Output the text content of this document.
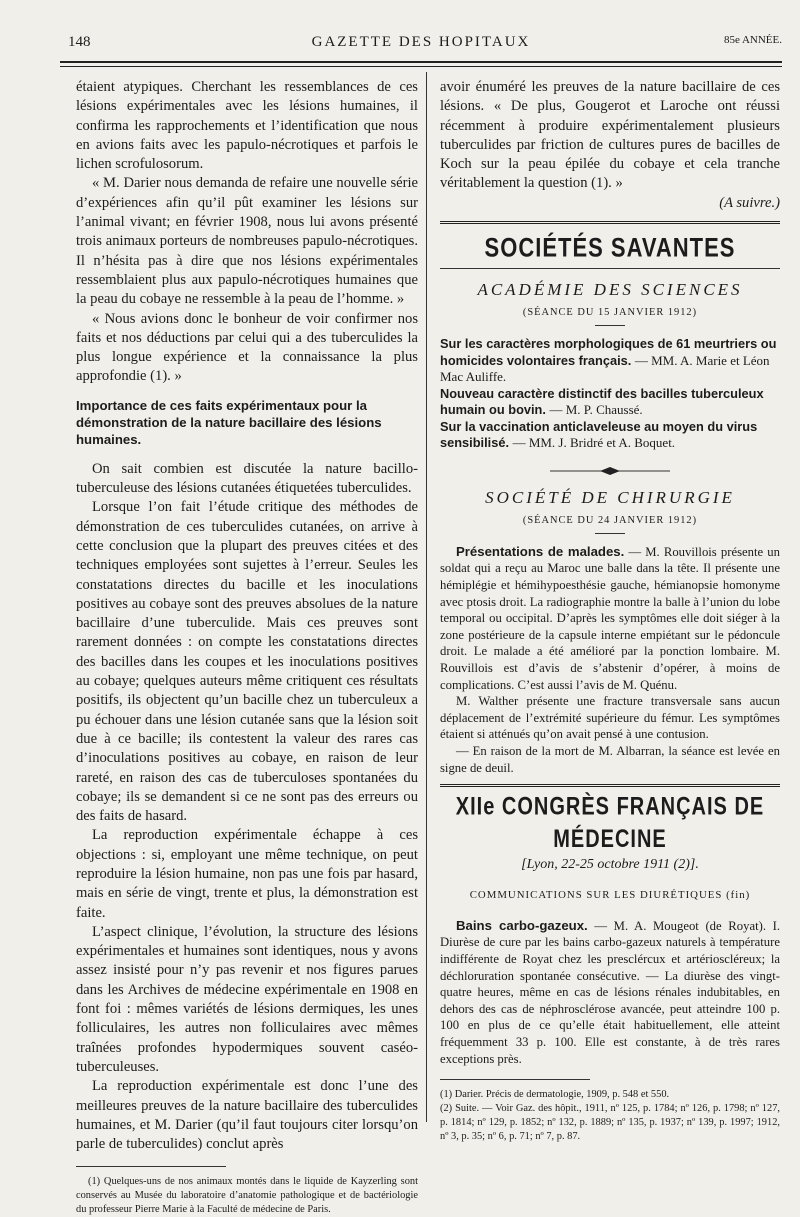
148	GAZETTE DES HOPITAUX	85e ANNÉE.

étaient atypiques. Cherchant les ressemblances de ces lésions expérimentales avec les lésions humaines, il confirma les rapprochements et l’identification que nous en avions faits avec les papulo-nécrotiques et parfois le lichen scrofulosorum.

« M. Darier nous demanda de refaire une nouvelle série d’expériences afin qu’il pût examiner les lésions sur l’animal vivant; en février 1908, nous lui avons présenté trois animaux porteurs de nombreuses papulo-nécrotiques. Il n’hésita pas à dire que nos lésions expérimentales ressemblaient plus aux papulo-nécrotiques humaines que la peau du cobaye ne ressemble à la peau de l’homme. »

« Nous avions donc le bonheur de voir confirmer nos faits et nos déductions par celui qui a des tuberculides la plus longue expérience et la connaissance la plus approfondie (1). »

Importance de ces faits expérimentaux pour la démonstration de la nature bacillaire des lésions humaines.

On sait combien est discutée la nature bacillo-tuberculeuse des lésions cutanées étiquetées tuberculides.

Lorsque l’on fait l’étude critique des méthodes de démonstration de ces tuberculides cutanées, on arrive à cette conclusion que la plupart des preuves citées et des techniques employées sont sujettes à l’erreur. Seules les constatations directes du bacille et les inoculations positives au cobaye sont des preuves absolues de la nature bacillaire d’une tuberculide. Mais ces preuves sont rarement données : on compte les constatations directes des bacilles dans les coupes et les inoculations positives au cobaye; quelques auteurs même critiquent ces résultats positifs, ils objectent qu’un bacille chez un tuberculeux a pu échouer dans une lésion cutanée sans que la lésion soit due à ce bacille; ils contestent la valeur des rares cas d’inoculations positives au cobaye, en raison de leur rareté, en raison des cas de tuberculoses spontanées du cobaye; ils se demandent si ce ne sont pas des erreurs ou des faits de hasard.

La reproduction expérimentale échappe à ces objections : si, employant une même technique, on peut reproduire la lésion humaine, non pas une fois par hasard, mais en série de vingt, trente et plus, la démonstration est faite.

L’aspect clinique, l’évolution, la structure des lésions expérimentales et humaines sont identiques, nous y avons assez insisté pour n’y pas revenir et nos figures parues dans les Archives de médecine expérimentale en 1908 en font foi : mêmes variétés de lésions dermiques, les unes folliculaires, les autres non folliculaires avec mêmes traînées profondes hypodermiques souvent caséo-tuberculeuses.

La reproduction expérimentale est donc l’une des meilleures preuves de la nature bacillaire des tuberculides humaines, et M. Darier (qu’il faut toujours citer lorsqu’on parle de tuberculides) conclut après

(1) Quelques-uns de nos animaux montés dans le liquide de Kayzerling sont conservés au Musée du laboratoire d’anatomie pathologique et de bactériologie du professeur Pierre Marie à la Faculté de médecine de Paris.

avoir énuméré les preuves de la nature bacillaire de ces lésions. « De plus, Gougerot et Laroche ont réussi récemment à produire expérimentalement plusieurs tuberculides par friction de cultures pures de bacilles de Koch sur la peau épilée du cobaye et cela tranche véritablement la question (1). »

(A suivre.)

SOCIÉTÉS SAVANTES
ACADÉMIE DES SCIENCES
(SÉANCE DU 15 JANVIER 1912)
Sur les caractères morphologiques de 61 meurtriers ou homicides volontaires français. — MM. A. Marie et Léon Mac Auliffe.
Nouveau caractère distinctif des bacilles tuberculeux humain ou bovin. — M. P. Chaussé.
Sur la vaccination anticlaveleuse au moyen du virus sensibilisé. — MM. J. Bridré et A. Boquet.
SOCIÉTÉ DE CHIRURGIE
(SÉANCE DU 24 JANVIER 1912)

Présentations de malades. — M. Rouvillois présente un soldat qui a reçu au Maroc une balle dans la tête. Il présente une hémiplégie et hémihypoesthésie gauche, hémianopsie homonyme avec ptosis droit. La radiographie montre la balle à l’union du lobe temporal ou occipital. D’après les symptômes elle doit siéger à la zone postérieure de la capsule interne empiétant sur le pédoncule droit. Le malade a été amélioré par la ponction lombaire. M. Rouvillois est d’avis de s’abstenir d’opérer, à moins de complications. C’est aussi l’avis de M. Quénu.

M. Walther présente une fracture transversale sans aucun déplacement de l’extrémité supérieure du fémur. Les symptômes étaient si atténués qu’on avait pensé à une contusion.

— En raison de la mort de M. Albarran, la séance est levée en signe de deuil.

XIIe CONGRÈS FRANÇAIS DE MÉDECINE
[Lyon, 22-25 octobre 1911 (2)].
COMMUNICATIONS SUR LES DIURÉTIQUES (fin)

Bains carbo-gazeux. — M. A. Mougeot (de Royat). I. Diurèse de cure par les bains carbo-gazeux naturels à température indifférente de Royat chez les presclércux et artérioscléreux; la déchloruration spontanée consécutive. — La diurèse des vingt-quatre heures, même en cas de lésions rénales indubitables, en dehors des cas de néphrosclérose avancée, peut atteindre 100 p. 100 en plus de ce qu’elle était habituellement, elle atteint fréquemment 33 p. 100. Elle est constante, à de très rares exceptions près.

(1) Darier. Précis de dermatologie, 1909, p. 548 et 550.

(2) Suite. — Voir Gaz. des hôpit., 1911, nº 125, p. 1784; nº 126, p. 1798; nº 127, p. 1814; nº 129, p. 1852; nº 132, p. 1889; nº 135, p. 1937; nº 139, p. 1997; 1912, nº 3, p. 35; nº 6, p. 71; nº 7, p. 87.
